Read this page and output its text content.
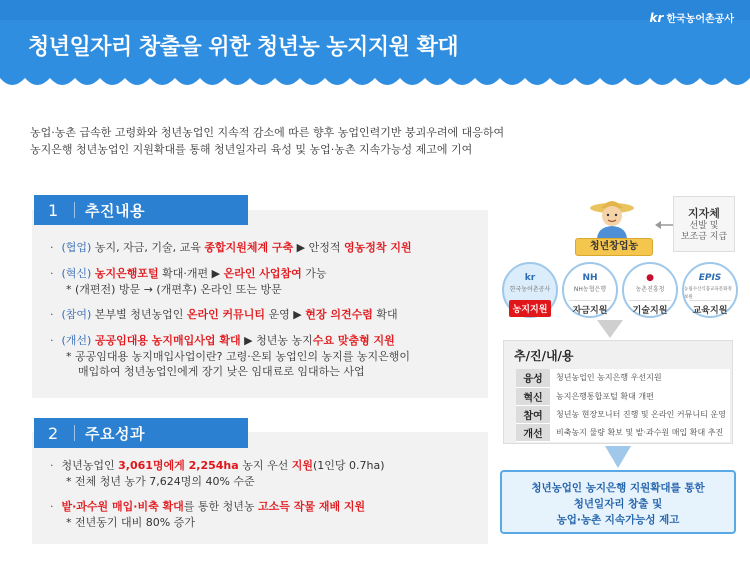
kr 한국농어촌공사
청년일자리 창출을 위한 청년농 농지지원 확대
농업·농촌 급속한 고령화와 청년농업인 지속적 감소에 따른 향후 농업인력기반 붕괴우려에 대응하여
농지은행 청년농업인 지원확대를 통해 청년일자리 육성 및 농업·농촌 지속가능성 제고에 기여
1	추진내용
· (협업) 농지, 자금, 기술, 교육 종합지원체계 구축 ▶ 안정적 영농정착 지원
· (혁신) 농지은행포털 확대·개편 ▶ 온라인 사업참여 가능
* (개편전) 방문 → (개편후) 온라인 또는 방문
· (참여) 본부별 청년농업인 온라인 커뮤니티 운영 ▶ 현장 의견수렴 확대
· (개선) 공공임대용 농지매입사업 확대 ▶ 청년농 농지수요 맞춤형 지원
* 공공임대용 농지매입사업이란? 고령·은퇴 농업인의 농지를 농지은행이
매입하여 청년농업인에게 장기 낮은 임대료로 임대하는 사업
2	주요성과
· 청년농업인 3,061명에게 2,254ha 농지 우선 지원(1인당 0.7ha)
* 전체 청년 농가 7,624명의 40% 수준
· 밭·과수원 매입·비축 확대를 통한 청년농 고소득 작물 재배 지원
* 전년동기 대비 80% 증가
청년창업농
지자체
선발 및
보조금 지급
kr
한국농어촌공사
농지지원
NH
NH농협은행
자금지원
●
농촌진흥청
기술지원
EPIS
농림수산식품교육문화정보원
교육지원
추/진/내/용
융성	청년농업인 농지은행 우선지원
혁신	농지은행통합포털 확대 개편
참여	청년농 현장모니터 진행 및 온라인 커뮤니티 운영
개선	비축농지 물량 확보 및 밭·과수원 매입 확대 추진
청년농업인 농지은행 지원확대를 통한
청년일자리 창출 및
농업·농촌 지속가능성 제고
